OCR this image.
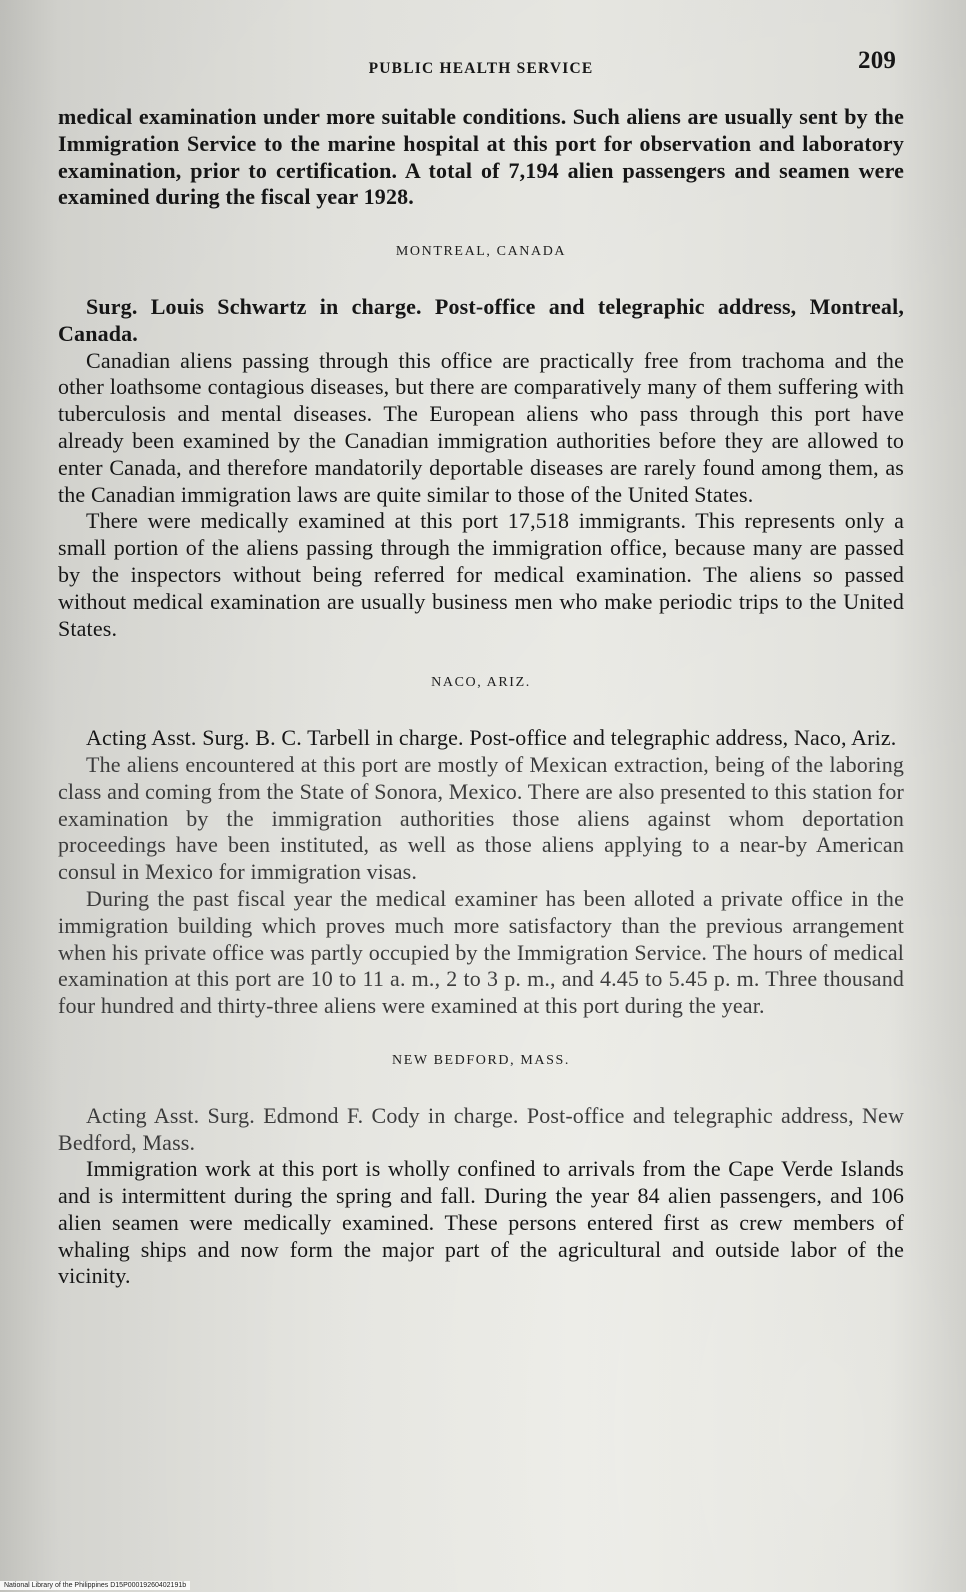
PUBLIC HEALTH SERVICE	209

medical examination under more suitable conditions. Such aliens are usually sent by the Immigration Service to the marine hospital at this port for observation and laboratory examination, prior to certification. A total of 7,194 alien passengers and seamen were examined during the fiscal year 1928.

MONTREAL, CANADA

Surg. Louis Schwartz in charge. Post-office and telegraphic address, Montreal, Canada.

Canadian aliens passing through this office are practically free from trachoma and the other loathsome contagious diseases, but there are comparatively many of them suffering with tuberculosis and mental diseases. The European aliens who pass through this port have already been examined by the Canadian immigration authorities before they are allowed to enter Canada, and therefore mandatorily deportable diseases are rarely found among them, as the Canadian immigration laws are quite similar to those of the United States.

There were medically examined at this port 17,518 immigrants. This represents only a small portion of the aliens passing through the immigration office, because many are passed by the inspectors without being referred for medical examination. The aliens so passed without medical examination are usually business men who make periodic trips to the United States.

NACO, ARIZ.

Acting Asst. Surg. B. C. Tarbell in charge. Post-office and telegraphic address, Naco, Ariz.

The aliens encountered at this port are mostly of Mexican extraction, being of the laboring class and coming from the State of Sonora, Mexico. There are also presented to this station for examination by the immigration authorities those aliens against whom deportation proceedings have been instituted, as well as those aliens applying to a near-by American consul in Mexico for immigration visas.

During the past fiscal year the medical examiner has been alloted a private office in the immigration building which proves much more satisfactory than the previous arrangement when his private office was partly occupied by the Immigration Service. The hours of medical examination at this port are 10 to 11 a. m., 2 to 3 p. m., and 4.45 to 5.45 p. m. Three thousand four hundred and thirty-three aliens were examined at this port during the year.

NEW BEDFORD, MASS.

Acting Asst. Surg. Edmond F. Cody in charge. Post-office and telegraphic address, New Bedford, Mass.

Immigration work at this port is wholly confined to arrivals from the Cape Verde Islands and is intermittent during the spring and fall. During the year 84 alien passengers, and 106 alien seamen were medically examined. These persons entered first as crew members of whaling ships and now form the major part of the agricultural and outside labor of the vicinity.

National Library of the Philippines D15P00019260402191b
